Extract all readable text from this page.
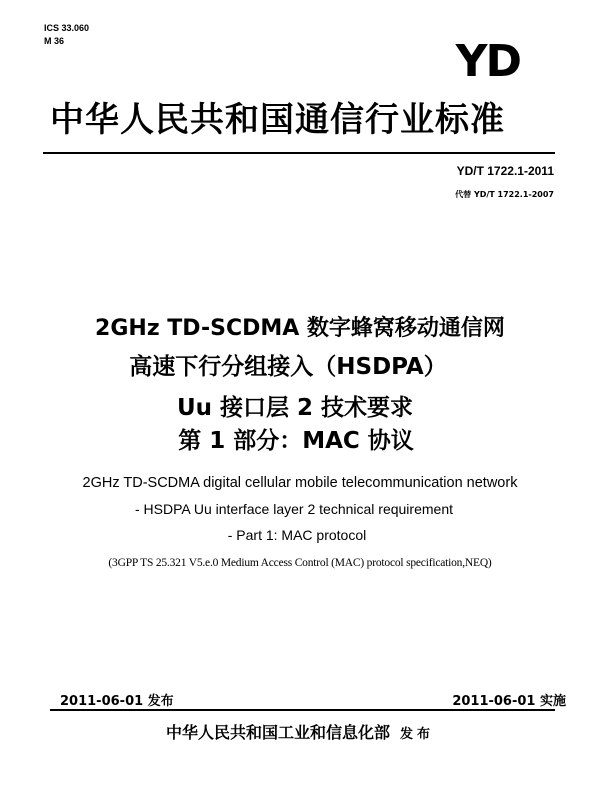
ICS 33.060
M 36	YD
中华人民共和国通信行业标准
YD/T 1722.1-2011
代替 YD/T 1722.1-2007
2GHz TD-SCDMA 数字蜂窝移动通信网
高速下行分组接入（HSDPA）
Uu 接口层 2 技术要求
第 1 部分：MAC 协议
2GHz TD-SCDMA digital cellular mobile telecommunication network
- HSDPA Uu interface layer 2 technical requirement
- Part 1: MAC protocol
(3GPP TS 25.321 V5.e.0 Medium Access Control (MAC) protocol specification,NEQ)
2011-06-01 发布	2011-06-01 实施
中华人民共和国工业和信息化部 发布
